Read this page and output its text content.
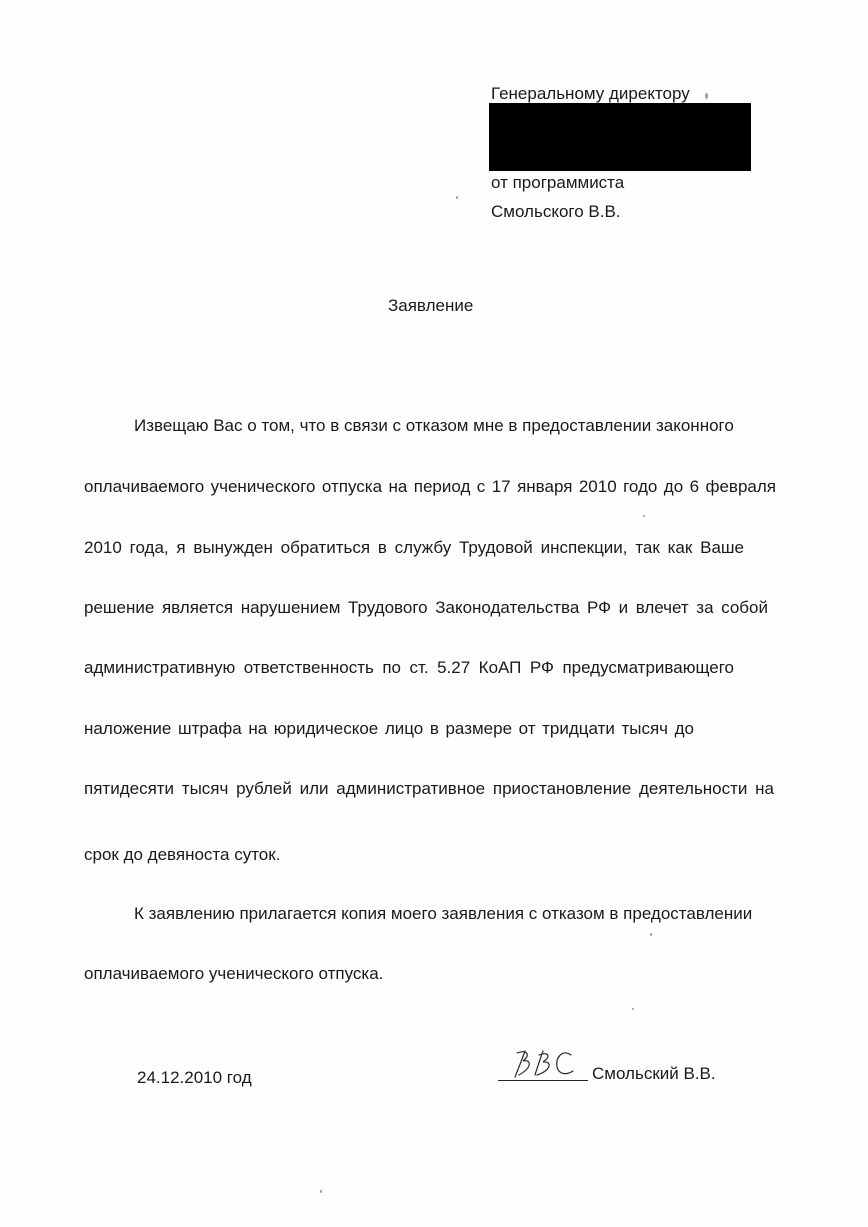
Генеральному директору
от программиста
Смольского В.В.
Заявление
Извещаю Вас о том, что в связи с отказом мне в предоставлении законного
оплачиваемого ученического отпуска на период с 17 января 2010 годо до 6 февраля
2010 года, я вынужден обратиться в службу Трудовой инспекции, так как Ваше
решение является нарушением Трудового Законодательства РФ и влечет за собой
административную ответственность по ст. 5.27 КоАП РФ предусматривающего
наложение штрафа на юридическое лицо в размере от тридцати тысяч до
пятидесяти тысяч рублей или административное приостановление деятельности на
срок до девяноста суток.
К заявлению прилагается копия моего заявления с отказом в предоставлении
оплачиваемого ученического отпуска.
24.12.2010 год	Смольский В.В.
